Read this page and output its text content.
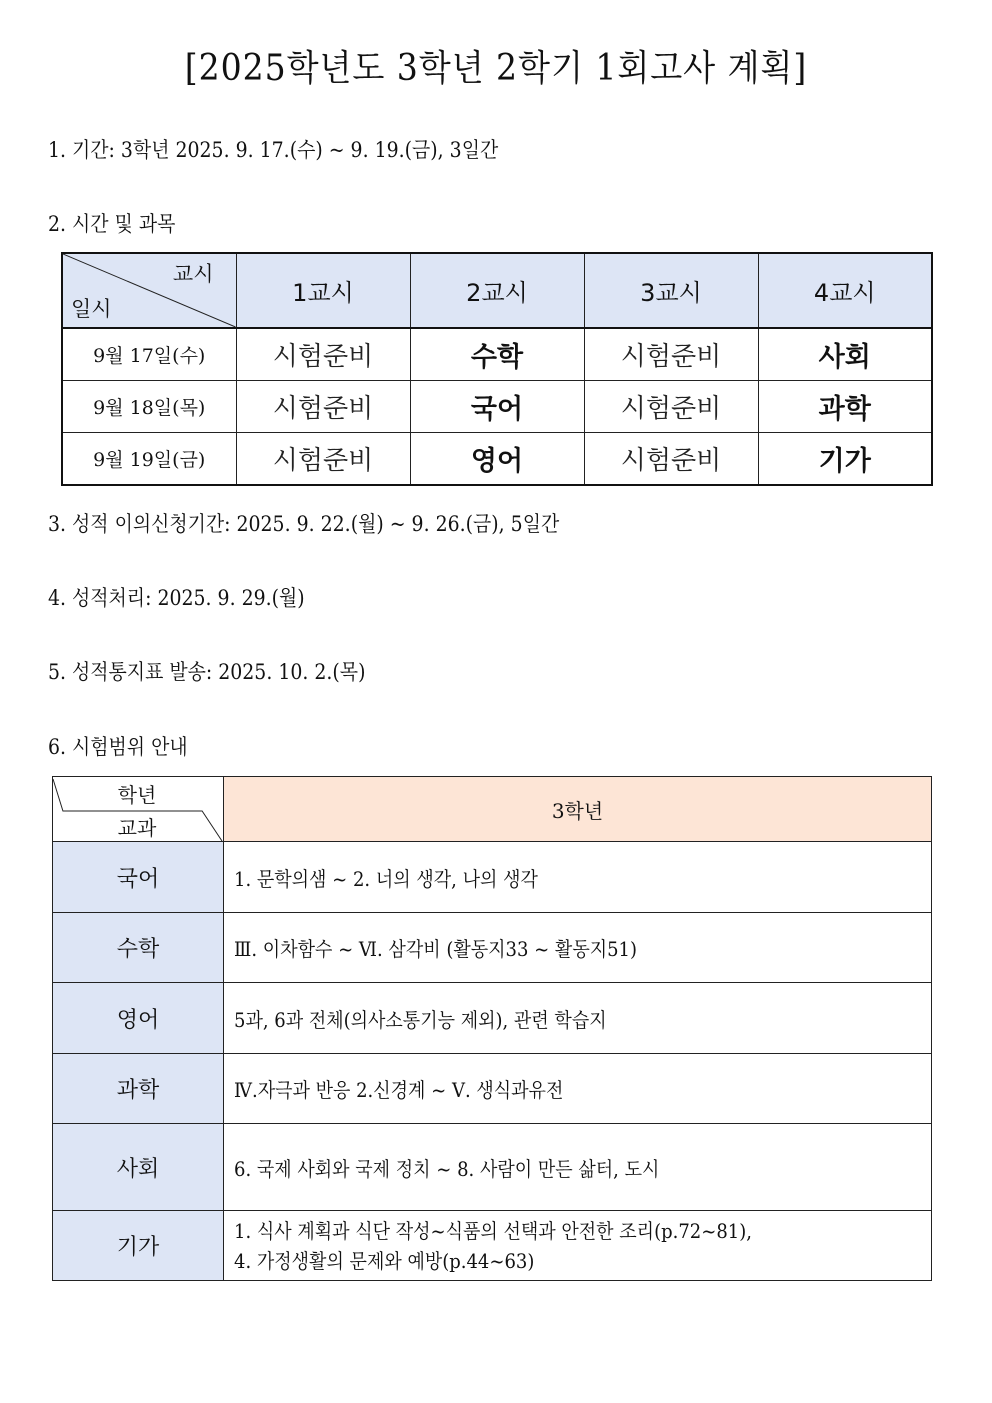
[2025학년도 3학년 2학기 1회고사 계획]
1. 기간: 3학년 2025. 9. 17.(수) ~ 9. 19.(금), 3일간
2. 시간 및 과목
교시
일시	1교시	2교시	3교시	4교시
9월 17일(수)	시험준비	수학	시험준비	사회
9월 18일(목)	시험준비	국어	시험준비	과학
9월 19일(금)	시험준비	영어	시험준비	기가
3. 성적 이의신청기간: 2025. 9. 22.(월) ~ 9. 26.(금), 5일간
4. 성적처리: 2025. 9. 29.(월)
5. 성적통지표 발송: 2025. 10. 2.(목)
6. 시험범위 안내
학년
교과	3학년
국어	1. 문학의샘 ~ 2. 너의 생각, 나의 생각
수학	Ⅲ. 이차함수 ~ Ⅵ. 삼각비 (활동지33 ~ 활동지51)
영어	5과, 6과 전체(의사소통기능 제외), 관련 학습지
과학	Ⅳ.자극과 반응 2.신경계 ~ Ⅴ. 생식과유전
사회	6. 국제 사회와 국제 정치 ~ 8. 사람이 만든 삶터, 도시
기가	1. 식사 계획과 식단 작성~식품의 선택과 안전한 조리(p.72~81),
4. 가정생활의 문제와 예방(p.44~63)
